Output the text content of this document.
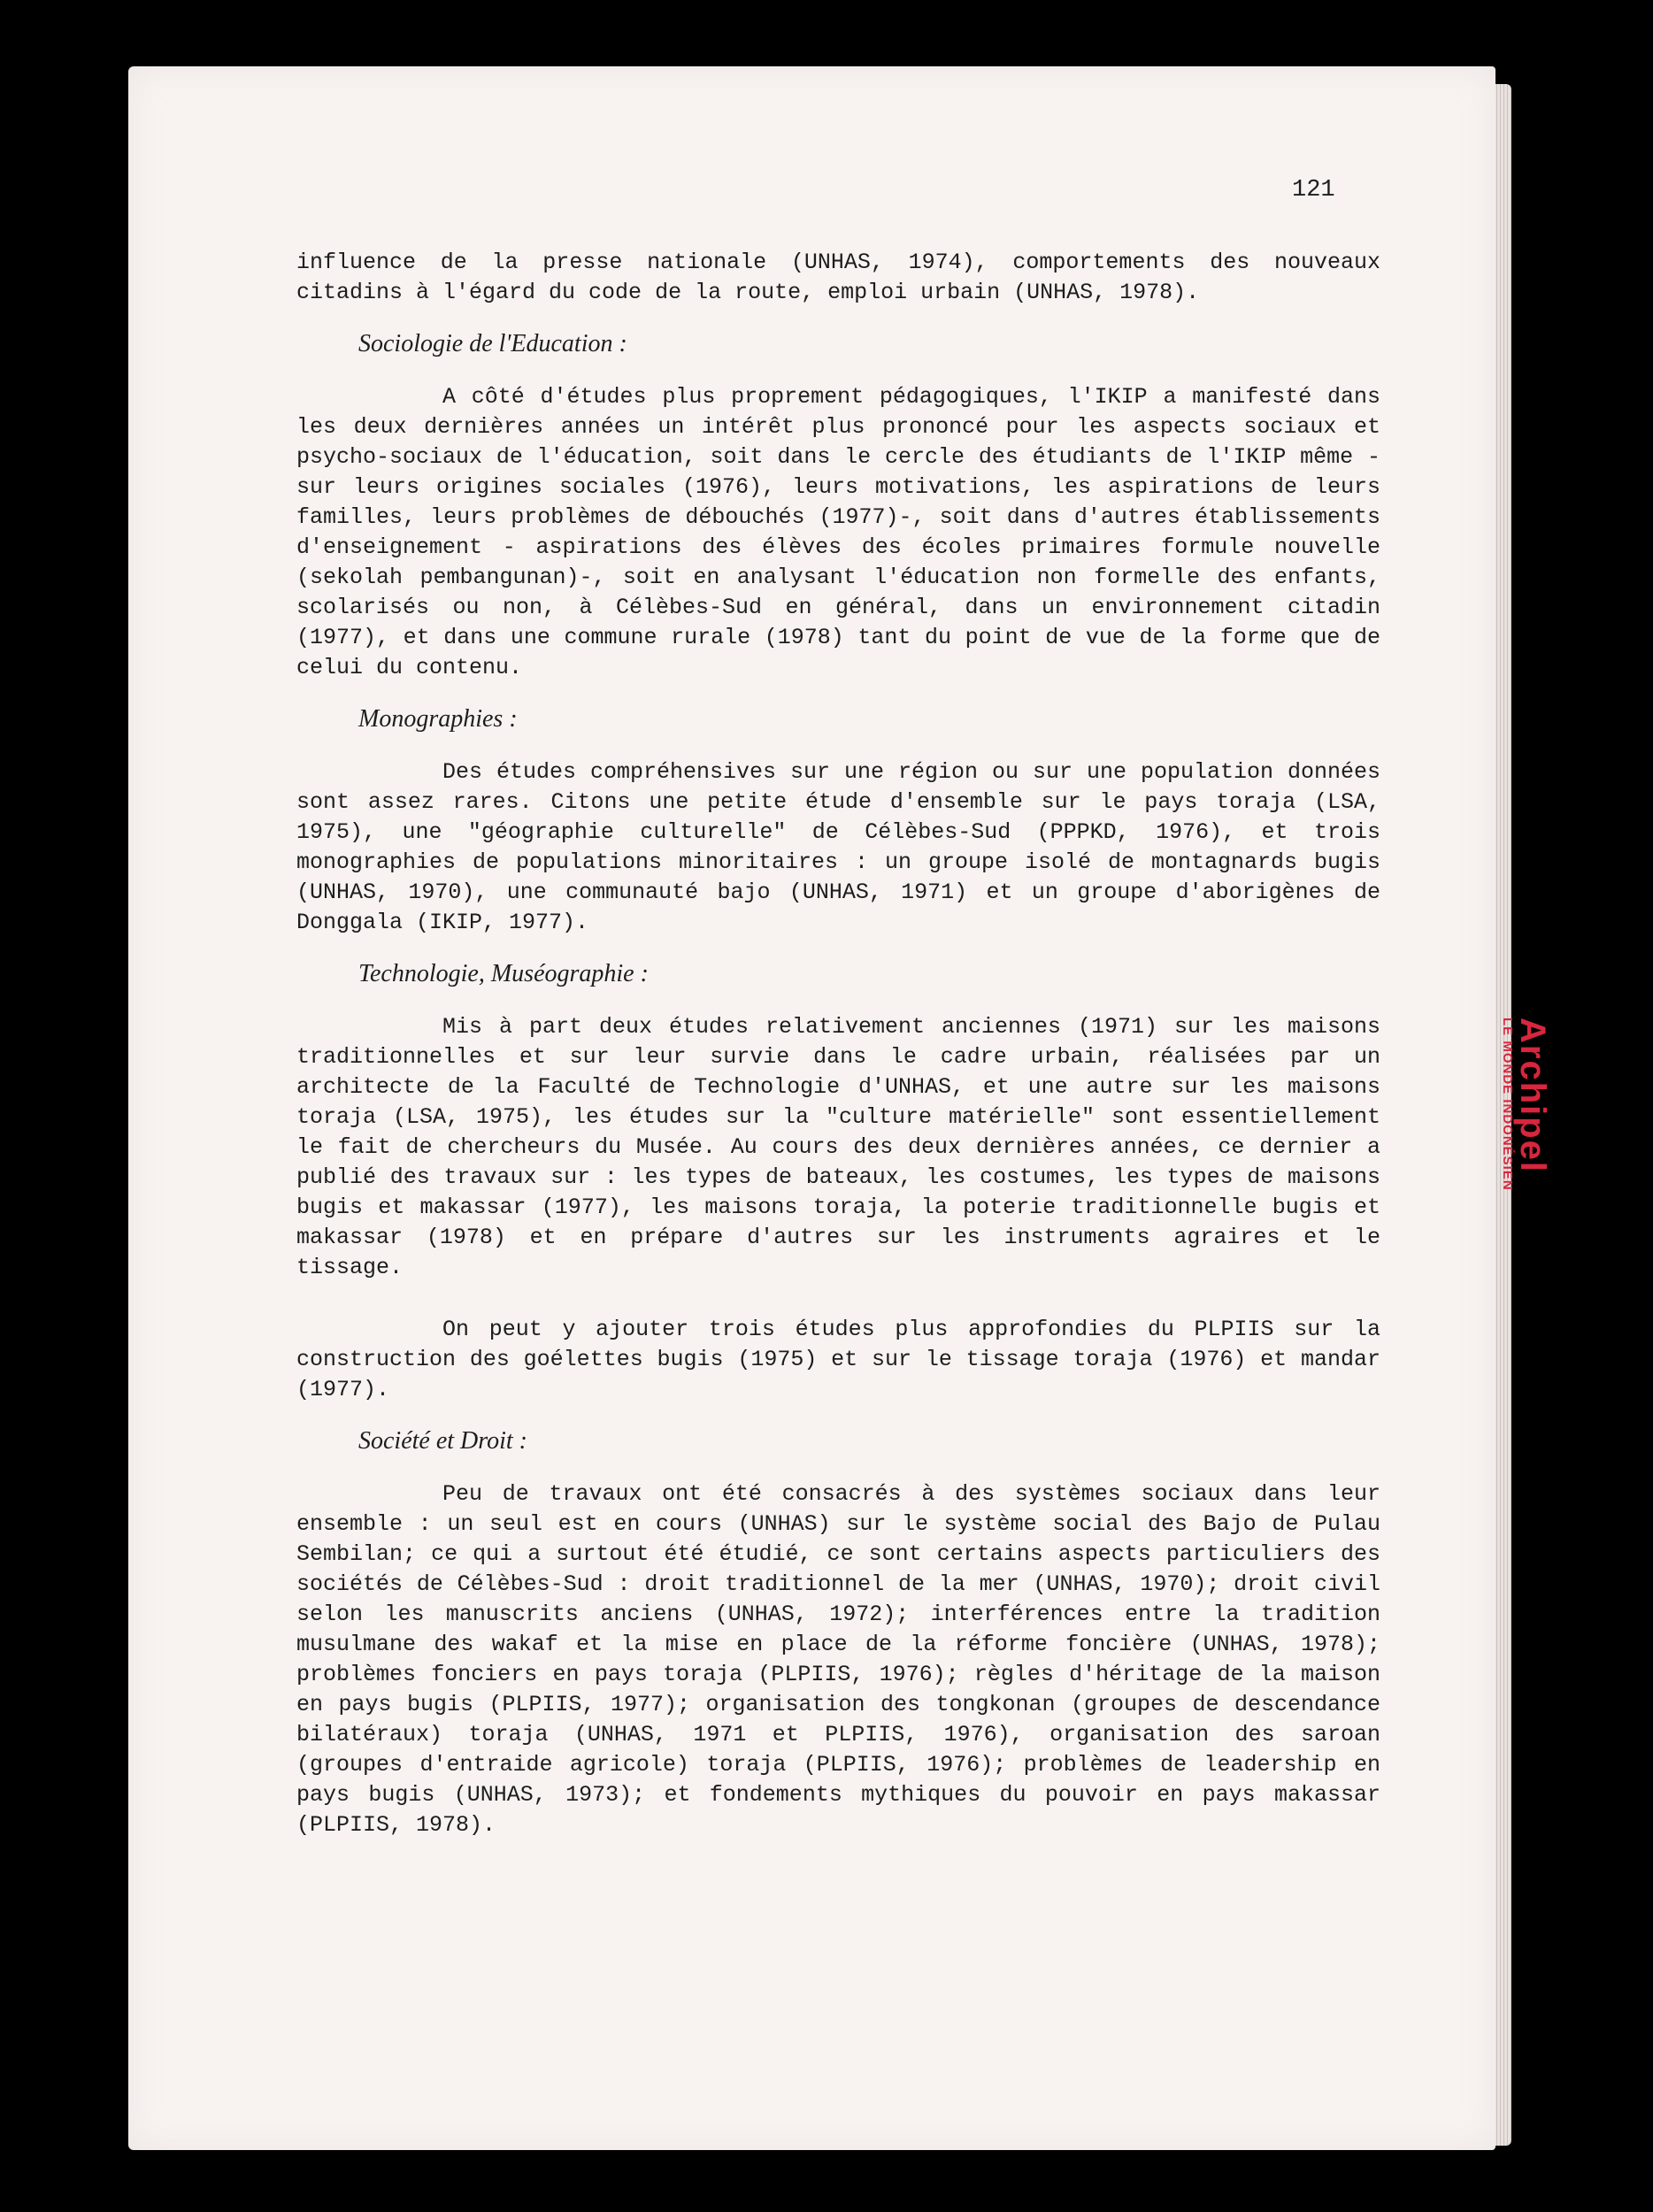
Archipel
LE MONDE INDONÉSIEN
121

influence de la presse nationale (UNHAS, 1974), comportements des nouveaux citadins à l'égard du code de la route, emploi urbain (UNHAS, 1978).

Sociologie de l'Education :

A côté d'études plus proprement pédagogiques, l'IKIP a manifesté dans les deux dernières années un intérêt plus prononcé pour les aspects sociaux et psycho-sociaux de l'éducation, soit dans le cercle des étudiants de l'IKIP même - sur leurs origines sociales (1976), leurs motivations, les aspirations de leurs familles, leurs problèmes de débouchés (1977)-, soit dans d'autres établissements d'enseignement - aspirations des élèves des écoles primaires formule nouvelle (sekolah pembangunan)-, soit en analysant l'éducation non formelle des enfants, scolarisés ou non, à Célèbes-Sud en général, dans un environnement citadin (1977), et dans une commune rurale (1978) tant du point de vue de la forme que de celui du contenu.

Monographies :

Des études compréhensives sur une région ou sur une population données sont assez rares. Citons une petite étude d'ensemble sur le pays toraja (LSA, 1975), une "géographie culturelle" de Célèbes-Sud (PPPKD, 1976), et trois monographies de populations minoritaires : un groupe isolé de montagnards bugis (UNHAS, 1970), une communauté bajo (UNHAS, 1971) et un groupe d'aborigènes de Donggala (IKIP, 1977).

Technologie, Muséographie :

Mis à part deux études relativement anciennes (1971) sur les maisons traditionnelles et sur leur survie dans le cadre urbain, réalisées par un architecte de la Faculté de Technologie d'UNHAS, et une autre sur les maisons toraja (LSA, 1975), les études sur la "culture matérielle" sont essentiellement le fait de chercheurs du Musée. Au cours des deux dernières années, ce dernier a publié des travaux sur : les types de bateaux, les costumes, les types de maisons bugis et makassar (1977), les maisons toraja, la poterie traditionnelle bugis et makassar (1978) et en prépare d'autres sur les instruments agraires et le tissage.

On peut y ajouter trois études plus approfondies du PLPIIS sur la construction des goélettes bugis (1975) et sur le tissage toraja (1976) et mandar (1977).

Société et Droit :

Peu de travaux ont été consacrés à des systèmes sociaux dans leur ensemble : un seul est en cours (UNHAS) sur le système social des Bajo de Pulau Sembilan; ce qui a surtout été étudié, ce sont certains aspects particuliers des sociétés de Célèbes-Sud : droit traditionnel de la mer (UNHAS, 1970); droit civil selon les manuscrits anciens (UNHAS, 1972); interférences entre la tradition musulmane des wakaf et la mise en place de la réforme foncière (UNHAS, 1978); problèmes fonciers en pays toraja (PLPIIS, 1976); règles d'héritage de la maison en pays bugis (PLPIIS, 1977); organisation des tongkonan (groupes de descendance bilatéraux) toraja (UNHAS, 1971 et PLPIIS, 1976), organisation des saroan (groupes d'entraide agricole) toraja (PLPIIS, 1976); problèmes de leadership en pays bugis (UNHAS, 1973); et fondements mythiques du pouvoir en pays makassar (PLPIIS, 1978).
